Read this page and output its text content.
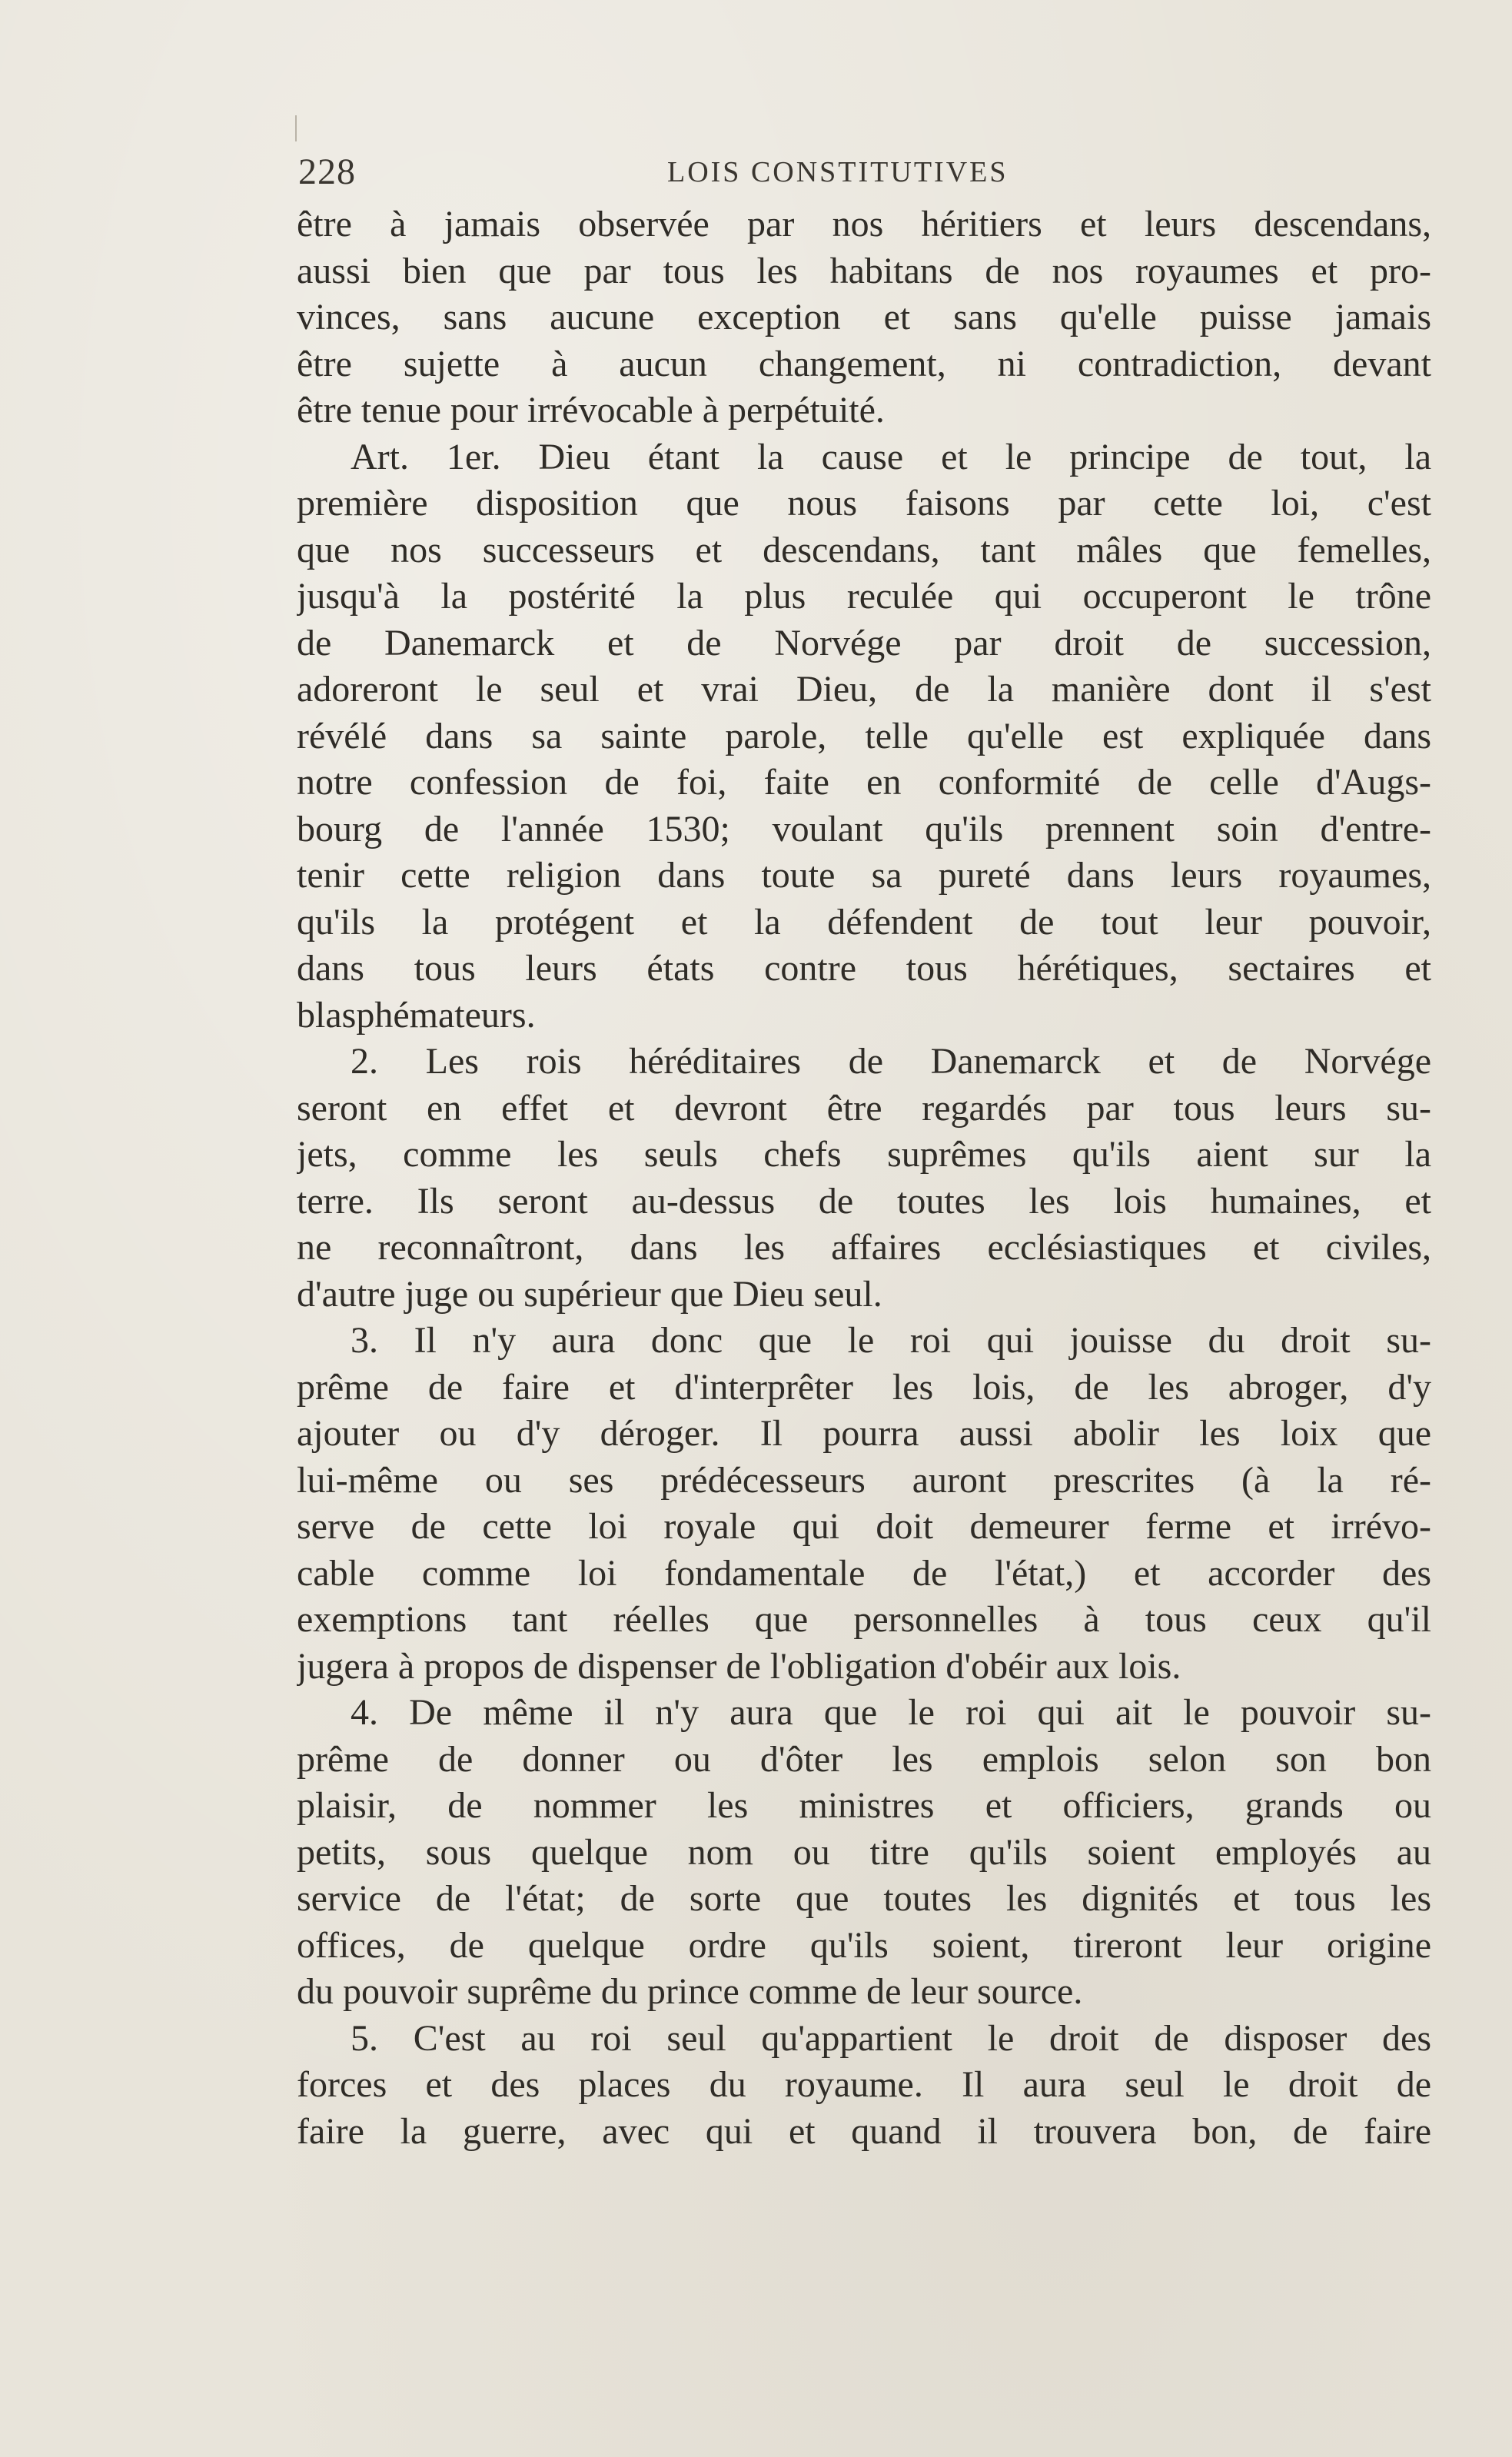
228	LOIS CONSTITUTIVES
être à jamais observée par nos héritiers et leurs descendans,
aussi bien que par tous les habitans de nos royaumes et pro-
vinces, sans aucune exception et sans qu'elle puisse jamais
être sujette à aucun changement, ni contradiction, devant
être tenue pour irrévocable à perpétuité.
Art. 1er. Dieu étant la cause et le principe de tout, la
première disposition que nous faisons par cette loi, c'est
que nos successeurs et descendans, tant mâles que femelles,
jusqu'à la postérité la plus reculée qui occuperont le trône
de Danemarck et de Norvége par droit de succession,
adoreront le seul et vrai Dieu, de la manière dont il s'est
révélé dans sa sainte parole, telle qu'elle est expliquée dans
notre confession de foi, faite en conformité de celle d'Augs-
bourg de l'année 1530; voulant qu'ils prennent soin d'entre-
tenir cette religion dans toute sa pureté dans leurs royaumes,
qu'ils la protégent et la défendent de tout leur pouvoir,
dans tous leurs états contre tous hérétiques, sectaires et
blasphémateurs.
2. Les rois héréditaires de Danemarck et de Norvége
seront en effet et devront être regardés par tous leurs su-
jets, comme les seuls chefs suprêmes qu'ils aient sur la
terre. Ils seront au-dessus de toutes les lois humaines, et
ne reconnaîtront, dans les affaires ecclésiastiques et civiles,
d'autre juge ou supérieur que Dieu seul.
3. Il n'y aura donc que le roi qui jouisse du droit su-
prême de faire et d'interprêter les lois, de les abroger, d'y
ajouter ou d'y déroger. Il pourra aussi abolir les loix que
lui-même ou ses prédécesseurs auront prescrites (à la ré-
serve de cette loi royale qui doit demeurer ferme et irrévo-
cable comme loi fondamentale de l'état,) et accorder des
exemptions tant réelles que personnelles à tous ceux qu'il
jugera à propos de dispenser de l'obligation d'obéir aux lois.
4. De même il n'y aura que le roi qui ait le pouvoir su-
prême de donner ou d'ôter les emplois selon son bon
plaisir, de nommer les ministres et officiers, grands ou
petits, sous quelque nom ou titre qu'ils soient employés au
service de l'état; de sorte que toutes les dignités et tous les
offices, de quelque ordre qu'ils soient, tireront leur origine
du pouvoir suprême du prince comme de leur source.
5. C'est au roi seul qu'appartient le droit de disposer des
forces et des places du royaume. Il aura seul le droit de
faire la guerre, avec qui et quand il trouvera bon, de faire
